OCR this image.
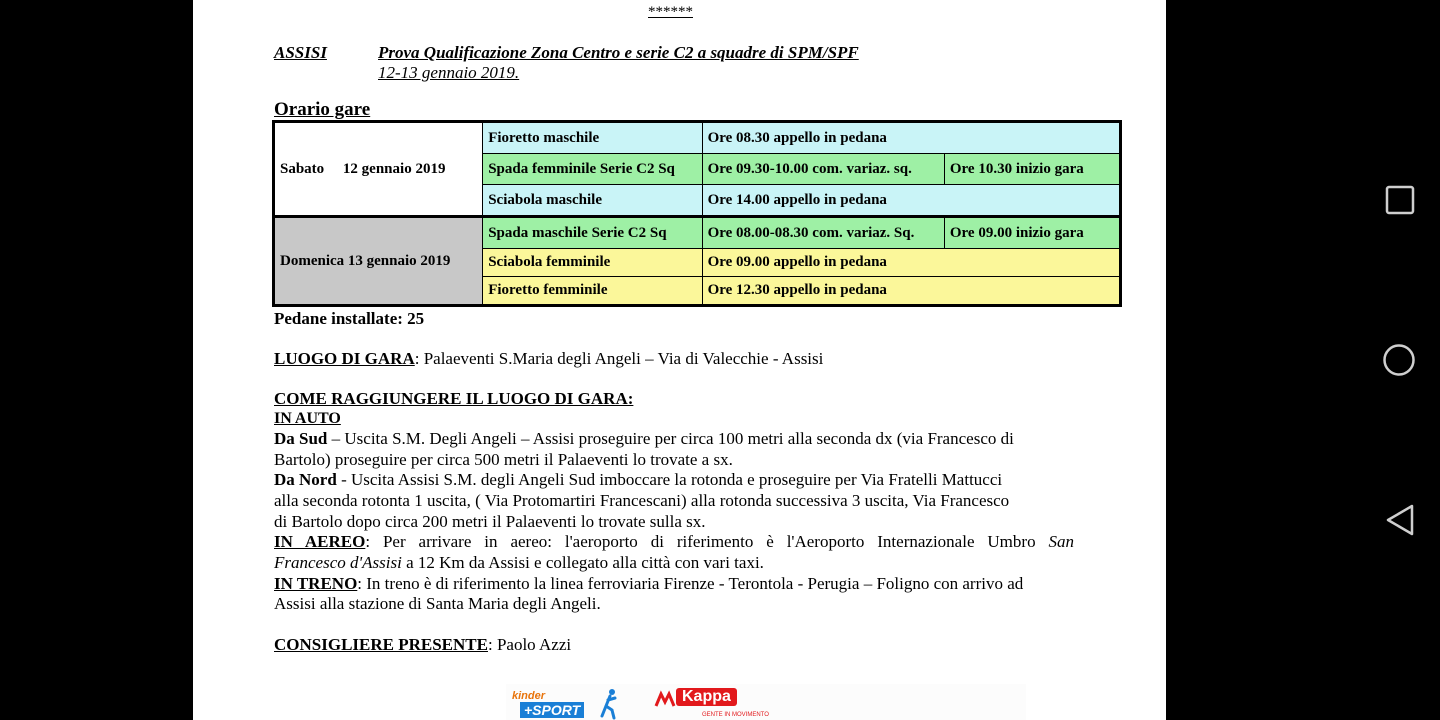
******
ASSISI	Prova Qualificazione Zona Centro e serie C2 a squadre di SPM/SPF
12-13 gennaio 2019.
Orario gare
Sabato     12 gennaio 2019	Fioretto maschile	Ore 08.30 appello in pedana	
	Spada femminile Serie C2 Sq	Ore 09.30-10.00 com. variaz. sq.	Ore 10.30 inizio gara
	Sciabola maschile	Ore 14.00 appello in pedana	
Domenica 13 gennaio 2019	Spada maschile Serie C2 Sq	Ore 08.00-08.30 com. variaz. Sq.	Ore 09.00 inizio gara
	Sciabola femminile	Ore 09.00 appello in pedana	
	Fioretto femminile	Ore 12.30 appello in pedana	
Pedane installate: 25
LUOGO DI GARA: Palaeventi S.Maria degli Angeli – Via di Valecchie - Assisi
COME RAGGIUNGERE IL LUOGO DI GARA:
IN AUTO
Da Sud – Uscita S.M. Degli Angeli – Assisi proseguire per circa 100 metri alla seconda dx (via Francesco di
Bartolo) proseguire per circa 500 metri il Palaeventi lo trovate a sx.
Da Nord - Uscita Assisi S.M. degli Angeli Sud imboccare la rotonda e proseguire per Via Fratelli Mattucci
alla seconda rotonta 1 uscita, ( Via Protomartiri Francescani) alla rotonda successiva 3 uscita, Via Francesco
di Bartolo dopo circa 200 metri il Palaeventi lo trovate sulla sx.
IN AEREO: Per arrivare in aereo: l'aeroporto di riferimento è l'Aeroporto Internazionale Umbro San
Francesco d'Assisi a 12 Km da Assisi e collegato alla città con vari taxi.
IN TRENO: In treno è di riferimento la linea ferroviaria Firenze - Terontola - Perugia – Foligno con arrivo ad
Assisi alla stazione di Santa Maria degli Angeli.
CONSIGLIERE PRESENTE: Paolo Azzi
kinder
+SPORT
Kappa
GENTE IN MOVIMENTO
